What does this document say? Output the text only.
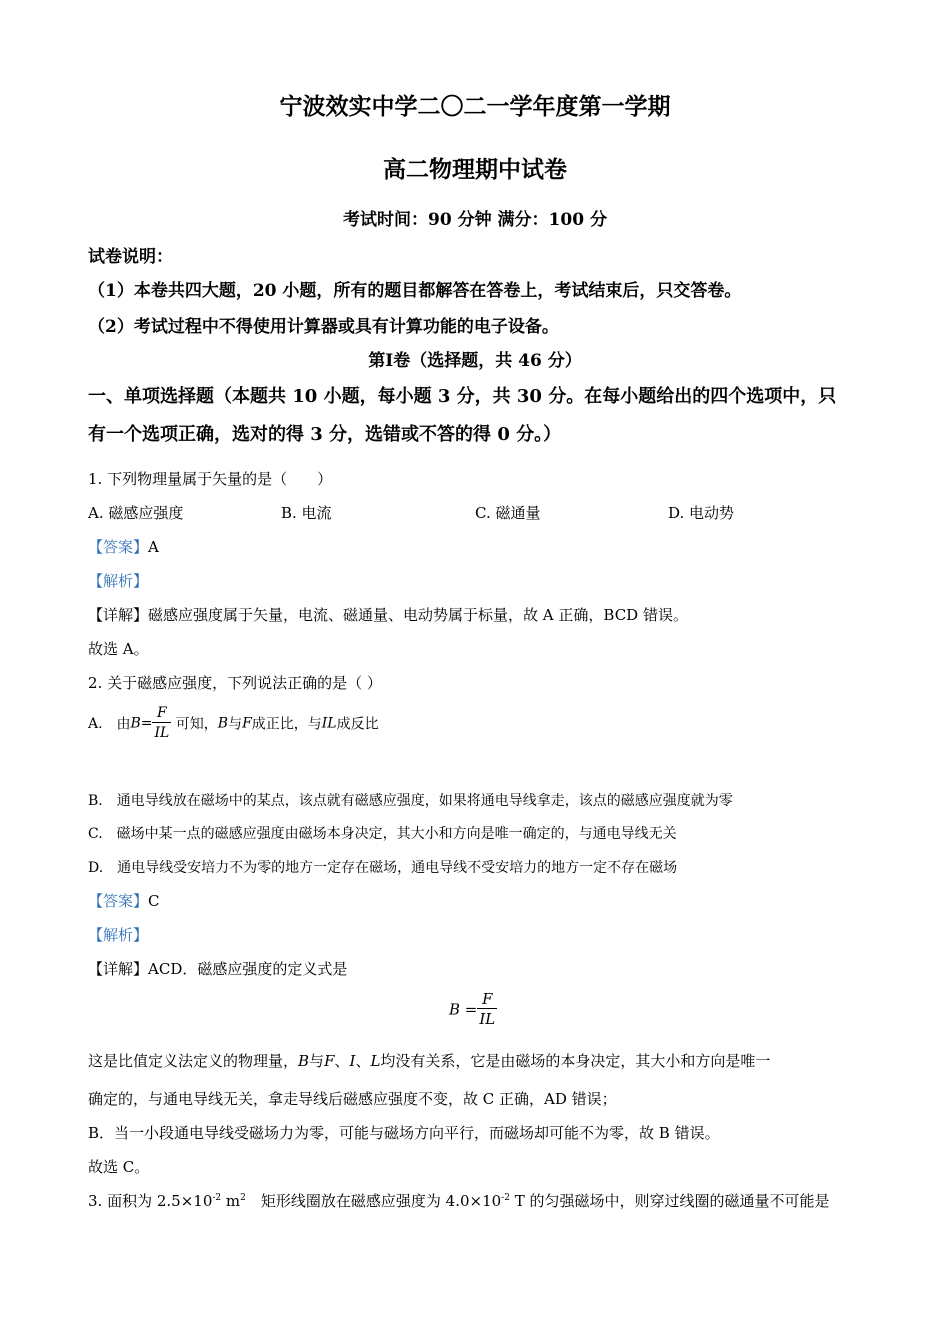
宁波效实中学二〇二一学年度第一学期
高二物理期中试卷
考试时间：90 分钟 满分：100 分
试卷说明：
（1）本卷共四大题，20 小题，所有的题目都解答在答卷上，考试结束后，只交答卷。
（2）考试过程中不得使用计算器或具有计算功能的电子设备。
第Ⅰ卷（选择题，共 46 分）
一、单项选择题（本题共 10 小题，每小题 3 分，共 30 分。在每小题给出的四个选项中，只
有一个选项正确，选对的得 3 分，选错或不答的得 0 分。）
1. 下列物理量属于矢量的是（　　）
A. 磁感应强度	B. 电流	C. 磁通量	D. 电动势
【答案】A
【解析】
【详解】磁感应强度属于矢量，电流、磁通量、电动势属于标量，故 A 正确，BCD 错误。
故选 A。
2. 关于磁感应强度，下列说法正确的是（ ）
A. 由$B= \frac{F}{IL}$ 可知，B与F成正比，与IL成反比
B.　通电导线放在磁场中的某点，该点就有磁感应强度，如果将通电导线拿走，该点的磁感应强度就为零
C.　磁场中某一点的磁感应强度由磁场本身决定，其大小和方向是唯一确定的，与通电导线无关
D.　通电导线受安培力不为零的地方一定存在磁场，通电导线不受安培力的地方一定不存在磁场
【答案】C
【解析】
【详解】ACD．磁感应强度的定义式是
$B = \frac{F}{IL}$
这是比值定义法定义的物理量，B与F、I、L均没有关系，它是由磁场的本身决定，其大小和方向是唯一
确定的，与通电导线无关，拿走导线后磁感应强度不变，故 C 正确，AD 错误；
B．当一小段通电导线受磁场力为零，可能与磁场方向平行，而磁场却可能不为零，故 B 错误。
故选 C。
3. 面积为 $2.5\times 10^{-2}$ $m^2$　矩形线圈放在磁感应强度为 $4.0\times 10^{-2}$ T 的匀强磁场中，则穿过线圈的磁通量不可能是
